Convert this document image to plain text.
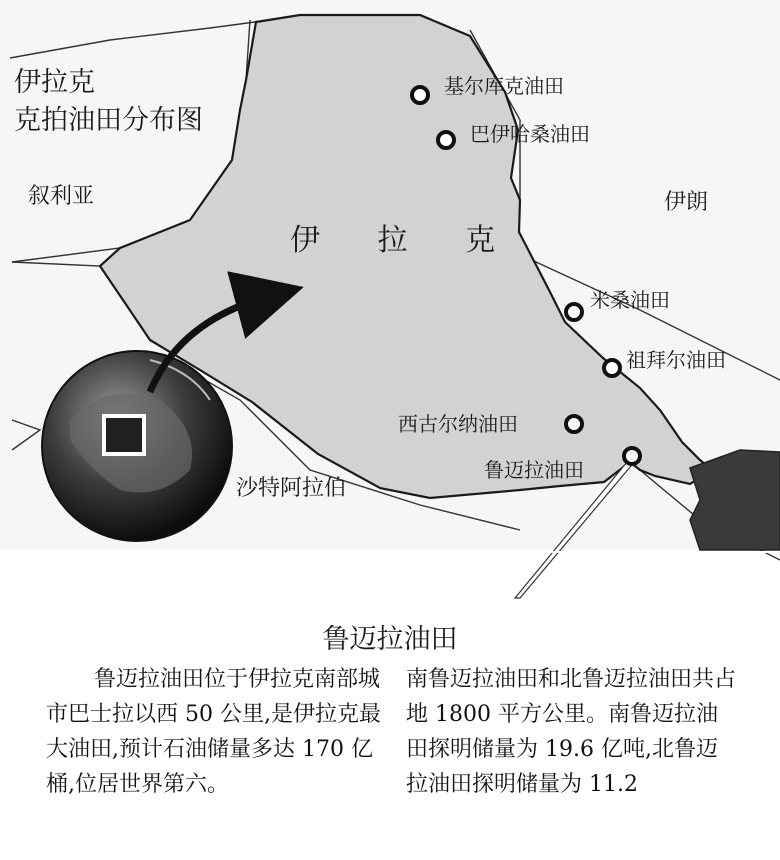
伊拉克
克拍油田分布图
叙利亚	伊朗
沙特阿拉伯
伊 拉 克
基尔库克油田
巴伊哈桑油田
米桑油田
祖拜尔油田
西古尔纳油田
鲁迈拉油田
鲁迈拉油田
鲁迈拉油田位于伊拉克南部城市巴士拉以西 50 公里,是伊拉克最大油田,预计石油储量多达 170 亿桶,位居世界第六。
南鲁迈拉油田和北鲁迈拉油田共占地 1800 平方公里。南鲁迈拉油田探明储量为 19.6 亿吨,北鲁迈拉油田探明储量为 11.2
